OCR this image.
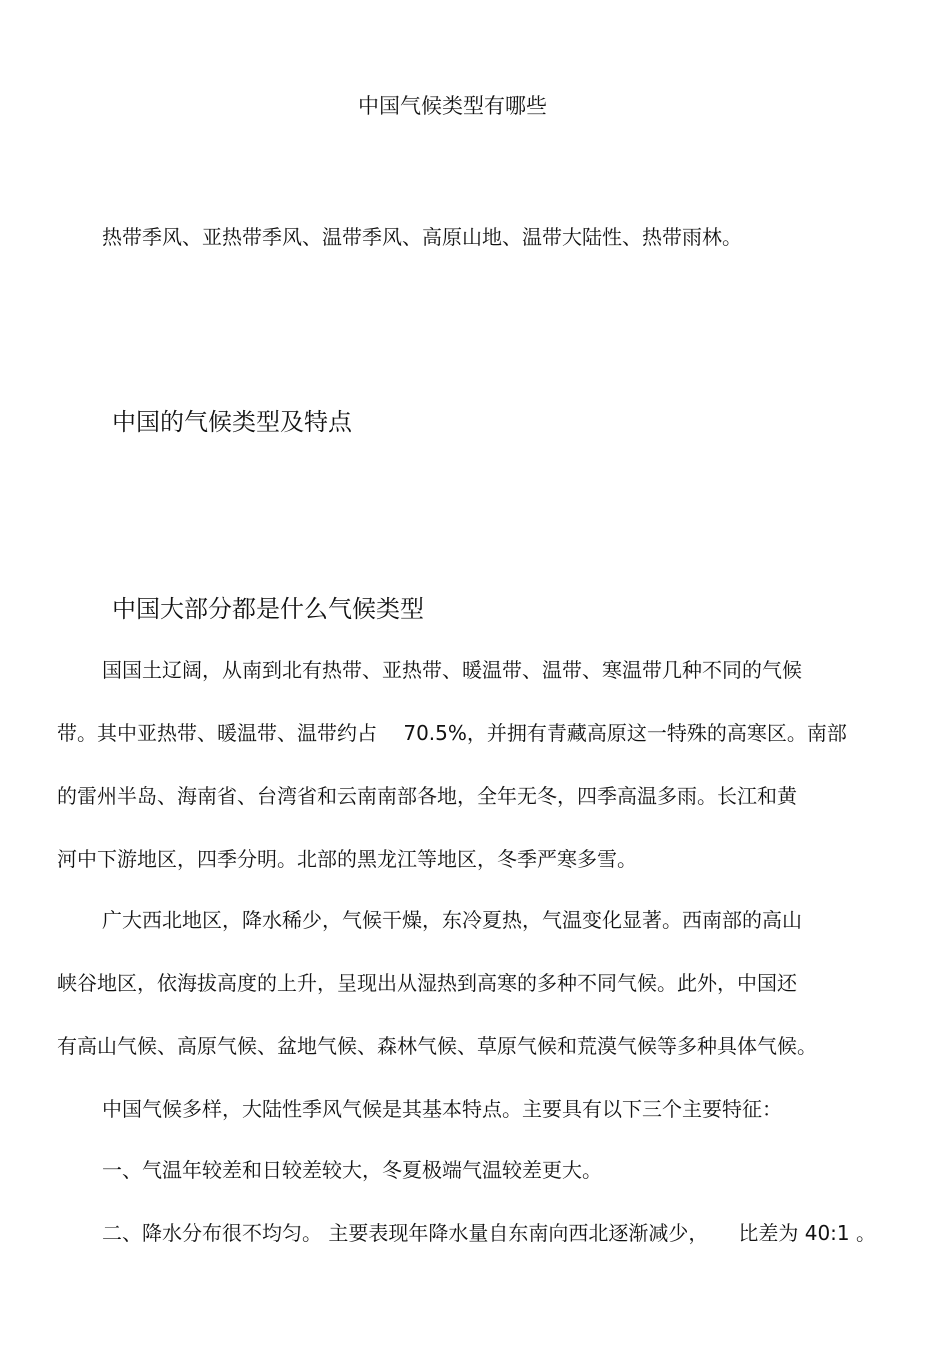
中国气候类型有哪些
热带季风、亚热带季风、温带季风、高原山地、温带大陆性、热带雨林。
中国的气候类型及特点
中国大部分都是什么气候类型
国国土辽阔，从南到北有热带、亚热带、暖温带、温带、寒温带几种不同的气候
带。其中亚热带、暖温带、温带约占　 70.5%，并拥有青藏高原这一特殊的高寒区。南部
的雷州半岛、海南省、台湾省和云南南部各地，全年无冬，四季高温多雨。长江和黄
河中下游地区，四季分明。北部的黑龙江等地区，冬季严寒多雪。
广大西北地区，降水稀少，气候干燥，东冷夏热，气温变化显著。西南部的高山
峡谷地区，依海拔高度的上升，呈现出从湿热到高寒的多种不同气候。此外，中国还
有高山气候、高原气候、盆地气候、森林气候、草原气候和荒漠气候等多种具体气候。
中国气候多样，大陆性季风气候是其基本特点。主要具有以下三个主要特征：
一、气温年较差和日较差较大，冬夏极端气温较差更大。
二、降水分布很不均匀。 主要表现年降水量自东南向西北逐渐减少，　　比差为 40:1 。
